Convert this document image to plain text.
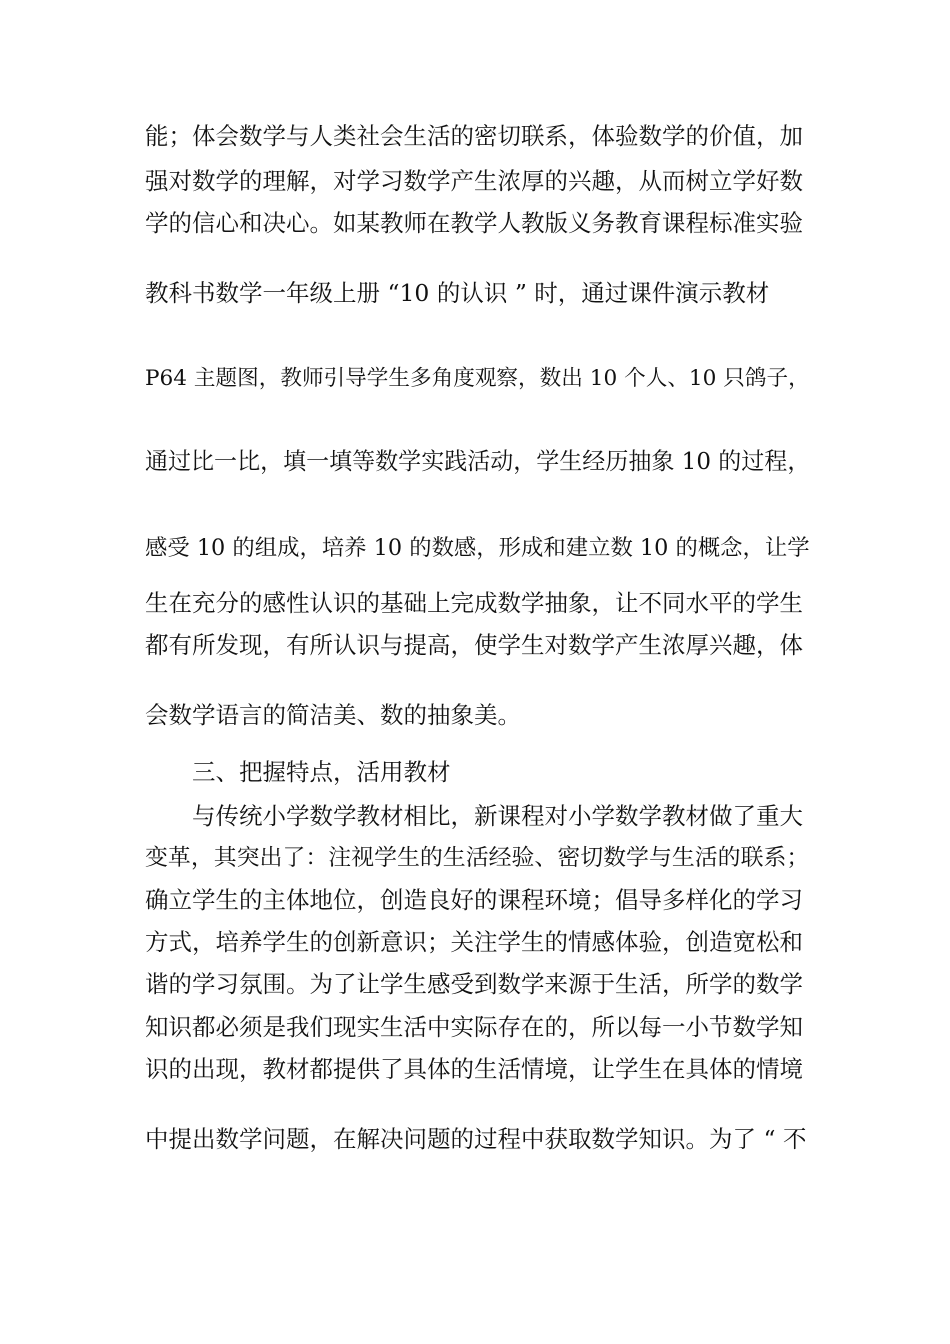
能；体会数学与人类社会生活的密切联系，体验数学的价值，加
强对数学的理解，对学习数学产生浓厚的兴趣，从而树立学好数
学的信心和决心。如某教师在教学人教版义务教育课程标准实验
教科书数学一年级上册 “10 的认识 ” 时，通过课件演示教材
P64 主题图，教师引导学生多角度观察，数出 10 个人、10 只鸽子，
通过比一比，填一填等数学实践活动，学生经历抽象 10 的过程，
感受 10 的组成，培养 10 的数感，形成和建立数 10 的概念，让学
生在充分的感性认识的基础上完成数学抽象，让不同水平的学生
都有所发现，有所认识与提高，使学生对数学产生浓厚兴趣，体
会数学语言的简洁美、数的抽象美。
三、把握特点，活用教材
与传统小学数学教材相比，新课程对小学数学教材做了重大
变革，其突出了：注视学生的生活经验、密切数学与生活的联系；
确立学生的主体地位，创造良好的课程环境；倡导多样化的学习
方式，培养学生的创新意识；关注学生的情感体验，创造宽松和
谐的学习氛围。为了让学生感受到数学来源于生活，所学的数学
知识都必须是我们现实生活中实际存在的，所以每一小节数学知
识的出现，教材都提供了具体的生活情境，让学生在具体的情境
中提出数学问题，在解决问题的过程中获取数学知识。为了 “ 不
